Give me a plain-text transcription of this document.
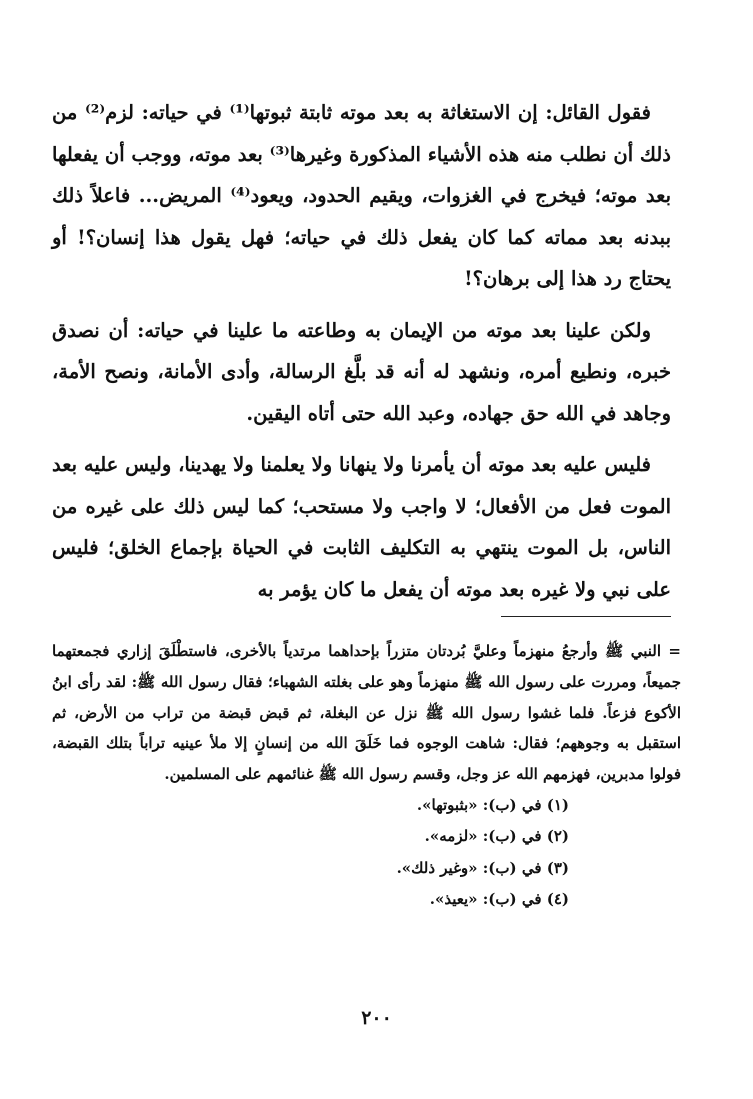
فقول القائل: إن الاستغاثة به بعد موته ثابتة ثبوتها⁽¹⁾ في حياته: لزم⁽²⁾ من ذلك أن نطلب منه هذه الأشياء المذكورة وغيرها⁽³⁾ بعد موته، ووجب أن يفعلها بعد موته؛ فيخرج في الغزوات، ويقيم الحدود، ويعود⁽⁴⁾ المريض... فاعلاً ذلك ببدنه بعد مماته كما كان يفعل ذلك في حياته؛ فهل يقول هذا إنسان؟! أو يحتاج رد هذا إلى برهان؟!

ولكن علينا بعد موته من الإيمان به وطاعته ما علينا في حياته: أن نصدق خبره، ونطيع أمره، ونشهد له أنه قد بلَّغ الرسالة، وأدى الأمانة، ونصح الأمة، وجاهد في الله حق جهاده، وعبد الله حتى أتاه اليقين.

فليس عليه بعد موته أن يأمرنا ولا ينهانا ولا يعلمنا ولا يهدينا، وليس عليه بعد الموت فعل من الأفعال؛ لا واجب ولا مستحب؛ كما ليس ذلك على غيره من الناس، بل الموت ينتهي به التكليف الثابت في الحياة بإجماع الخلق؛ فليس على نبي ولا غيره بعد موته أن يفعل ما كان يؤمر به

= النبي ﷺ وأرجعُ منهزماً وعليَّ بُردتان متزراً بإحداهما مرتدياً بالأخرى، فاستطْلَقَ إزاري فجمعتهما جميعاً، ومررت على رسول الله ﷺ منهزماً وهو على بغلته الشهباء؛ فقال رسول الله ﷺ: لقد رأى ابنُ الأكوع فزعاً. فلما غشوا رسول الله ﷺ نزل عن البغلة، ثم قبض قبضة من تراب من الأرض، ثم استقبل به وجوههم؛ فقال: شاهت الوجوه فما خَلَقَ الله من إنسانٍ إلا ملأ عينيه تراباً بتلك القبضة، فولوا مدبرين، فهزمهم الله عز وجل، وقسم رسول الله ﷺ غنائمهم على المسلمين.

(١) في (ب): «بثبوتها».
(٢) في (ب): «لزمه».
(٣) في (ب): «وغير ذلك».
(٤) في (ب): «يعيذ».
٢٠٠
